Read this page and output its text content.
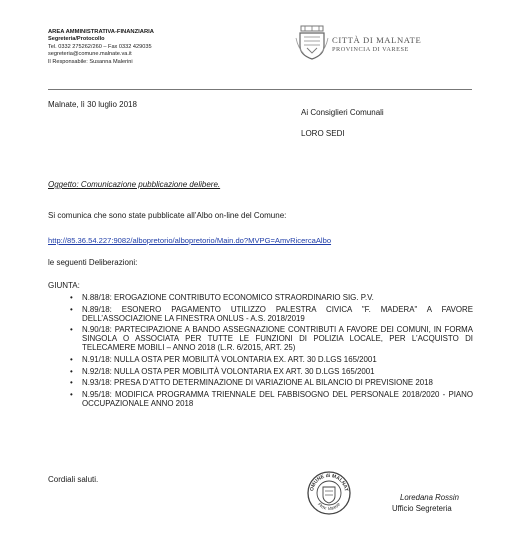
AREA AMMINISTRATIVA-FINANZIARIA
Segreteria/Protocollo
Tel. 0332 275262/260 – Fax 0332 429035
segreteria@comune.malnate.va.it
Il Responsabile: Susanna Malerini
CITTÀ DI MALNATE
PROVINCIA DI VARESE
Malnate, lì 30 luglio 2018
Ai Consiglieri Comunali
LORO SEDI
Oggetto: Comunicazione pubblicazione delibere.
Si comunica che sono state pubblicate all’Albo on-line del Comune:
http://85.36.54.227:9082/albopretorio/albopretorio/Main.do?MVPG=AmvRicercaAlbo
le seguenti Deliberazioni:
GIUNTA:
• N.88/18: EROGAZIONE CONTRIBUTO ECONOMICO STRAORDINARIO SIG. P.V.
• N.89/18: ESONERO PAGAMENTO UTILIZZO PALESTRA CIVICA "F. MADERA" A FAVORE DELL’ASSOCIAZIONE LA FINESTRA ONLUS - A.S. 2018/2019
• N.90/18: PARTECIPAZIONE A BANDO ASSEGNAZIONE CONTRIBUTI A FAVORE DEI COMUNI, IN FORMA SINGOLA O ASSOCIATA PER TUTTE LE FUNZIONI DI POLIZIA LOCALE, PER L’ACQUISTO DI TELECAMERE MOBILI – ANNO 2018 (L.R. 6/2015, ART. 25)
• N.91/18: NULLA OSTA PER MOBILITÀ VOLONTARIA EX. ART. 30 D.LGS 165/2001
• N.92/18: NULLA OSTA PER MOBILITÀ VOLONTARIA EX ART. 30 D.LGS 165/2001
• N.93/18: PRESA D’ATTO DETERMINAZIONE DI VARIAZIONE AL BILANCIO DI PREVISIONE 2018
• N.95/18: MODIFICA PROGRAMMA TRIENNALE DEL FABBISOGNO DEL PERSONALE 2018/2020 - PIANO OCCUPAZIONALE ANNO 2018
Cordiali saluti.
OMUNE di MALNAT
Prov. Varese
Loredana Rossin
Ufficio Segreteria
